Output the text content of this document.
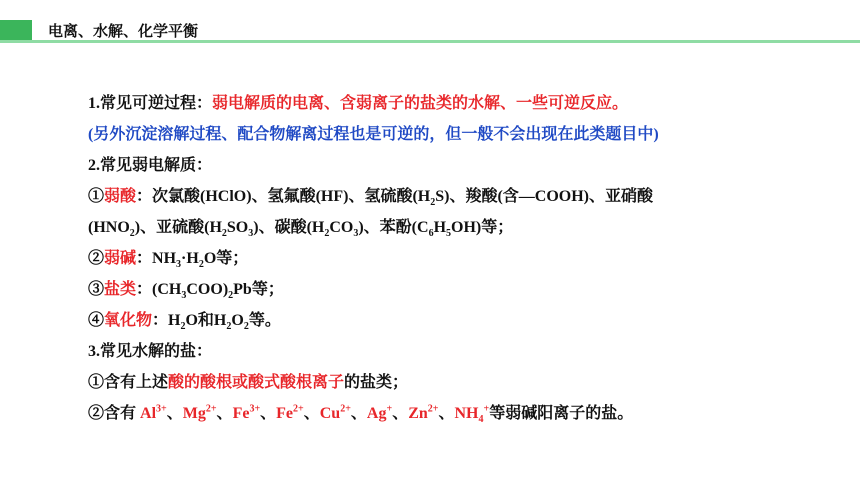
电离、水解、化学平衡
1.常见可逆过程：弱电解质的电离、含弱离子的盐类的水解、一些可逆反应。
(另外沉淀溶解过程、配合物解离过程也是可逆的，但一般不会出现在此类题目中)
2.常见弱电解质：
①弱酸：次氯酸(HClO)、氢氟酸(HF)、氢硫酸$(H_2S)$、羧酸(含—COOH)、亚硝酸
$(HNO_2)$、亚硫酸$(H_2SO_3)$、碳酸$(H_2CO_3)$、苯酚$(C_6H_5OH)$等；
②弱碱：$NH_3\cdot H_2O$等；
③盐类：$(CH_3COO)_2Pb$等；
④氧化物：$H_2O$和$H_2O_2$等。
3.常见水解的盐：
①含有上述酸的酸根或酸式酸根离子的盐类；
②含有 $Al^{3+}$、$Mg^{2+}$、$Fe^{3+}$、$Fe^{2+}$、$Cu^{2+}$、Ag+、$Zn^{2+}$、$NH_4^+$等弱碱阳离子的盐。
